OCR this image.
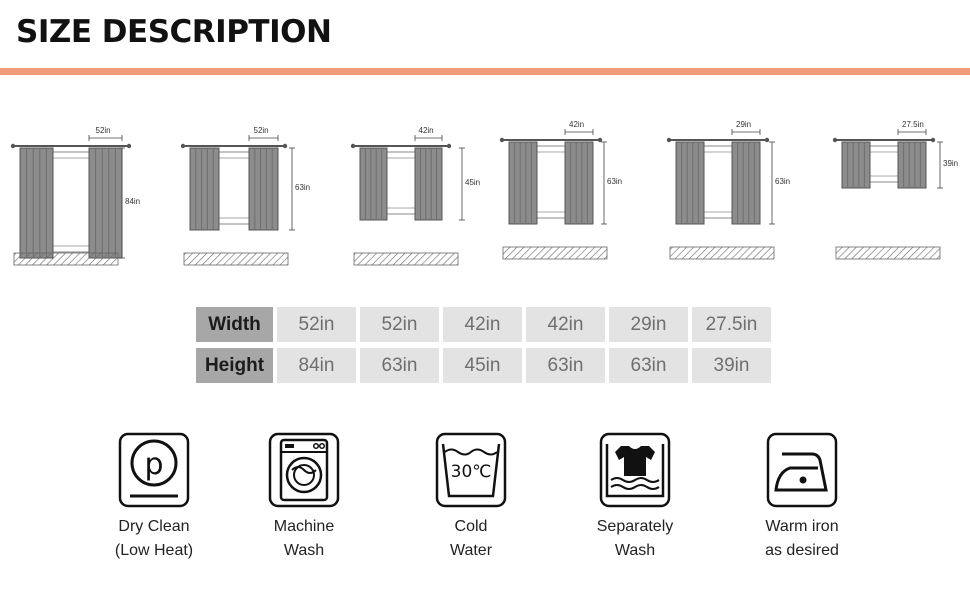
SIZE DESCRIPTION
52in
84in
52in
63in
42in
45in
42in
63in
29in
63in
27.5in
39in
Width	52in	52in	42in	42in	29in	27.5in
Height	84in	63in	45in	63in	63in	39in
p
Dry Clean
(Low Heat)
Machine
Wash
30℃
Cold
Water
Separately
Wash
Warm iron
as desired
